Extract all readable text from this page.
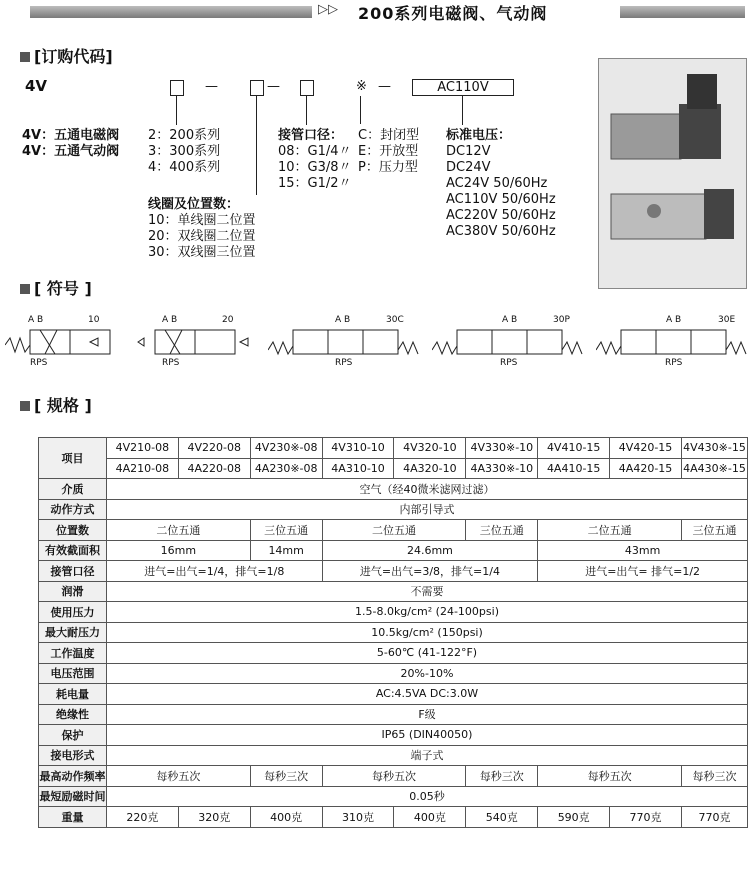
▷▷ 200系列电磁阀、气动阀
[订购代码]
4V	—	—	※ —	AC110V
4V：五通电磁阀
4V：五通气动阀
2：200系列
3：300系列
4：400系列
线圈及位置数：
10：单线圈二位置
20：双线圈二位置
30：双线圈三位置
接管口径：
08：G1/4〃
10：G3/8〃
15：G1/2〃
C：封闭型
E：开放型
P：压力型
标准电压：
DC12V
DC24V
AC24V 50/60Hz
AC110V 50/60Hz
AC220V 50/60Hz
AC380V 50/60Hz
[ 符号 ]
A B	10
RPS
A B	20
RPS
A B	30C
RPS
A B	30P
RPS
A B	30E
RPS
[ 规格 ]
项目	4V210-08	4V220-08	4V230※-08	4V310-10	4V320-10	4V330※-10	4V410-15	4V420-15	4V430※-15
	4A210-08	4A220-08	4A230※-08	4A310-10	4A320-10	4A330※-10	4A410-15	4A420-15	4A430※-15
介质	空气（经40微米滤网过滤）								
动作方式	内部引导式								
位置数	二位五通		三位五通	二位五通		三位五通	二位五通		三位五通
有效截面积	16mm		14mm	24.6mm			43mm		
接管口径	进气=出气=1/4，排气=1/8			进气=出气=3/8，排气=1/4			进气=出气= 排气=1/2		
润滑	不需要								
使用压力	1.5-8.0kg/cm² (24-100psi)								
最大耐压力	10.5kg/cm² (150psi)								
工作温度	5-60℃ (41-122°F)								
电压范围	20%-10%								
耗电量	AC:4.5VA DC:3.0W								
绝缘性	F级								
保护	IP65 (DIN40050)								
接电形式	端子式								
最高动作频率	每秒五次		每秒三次	每秒五次		每秒三次	每秒五次		每秒三次
最短励磁时间	0.05秒								
重量	220克	320克	400克	310克	400克	540克	590克	770克	770克
